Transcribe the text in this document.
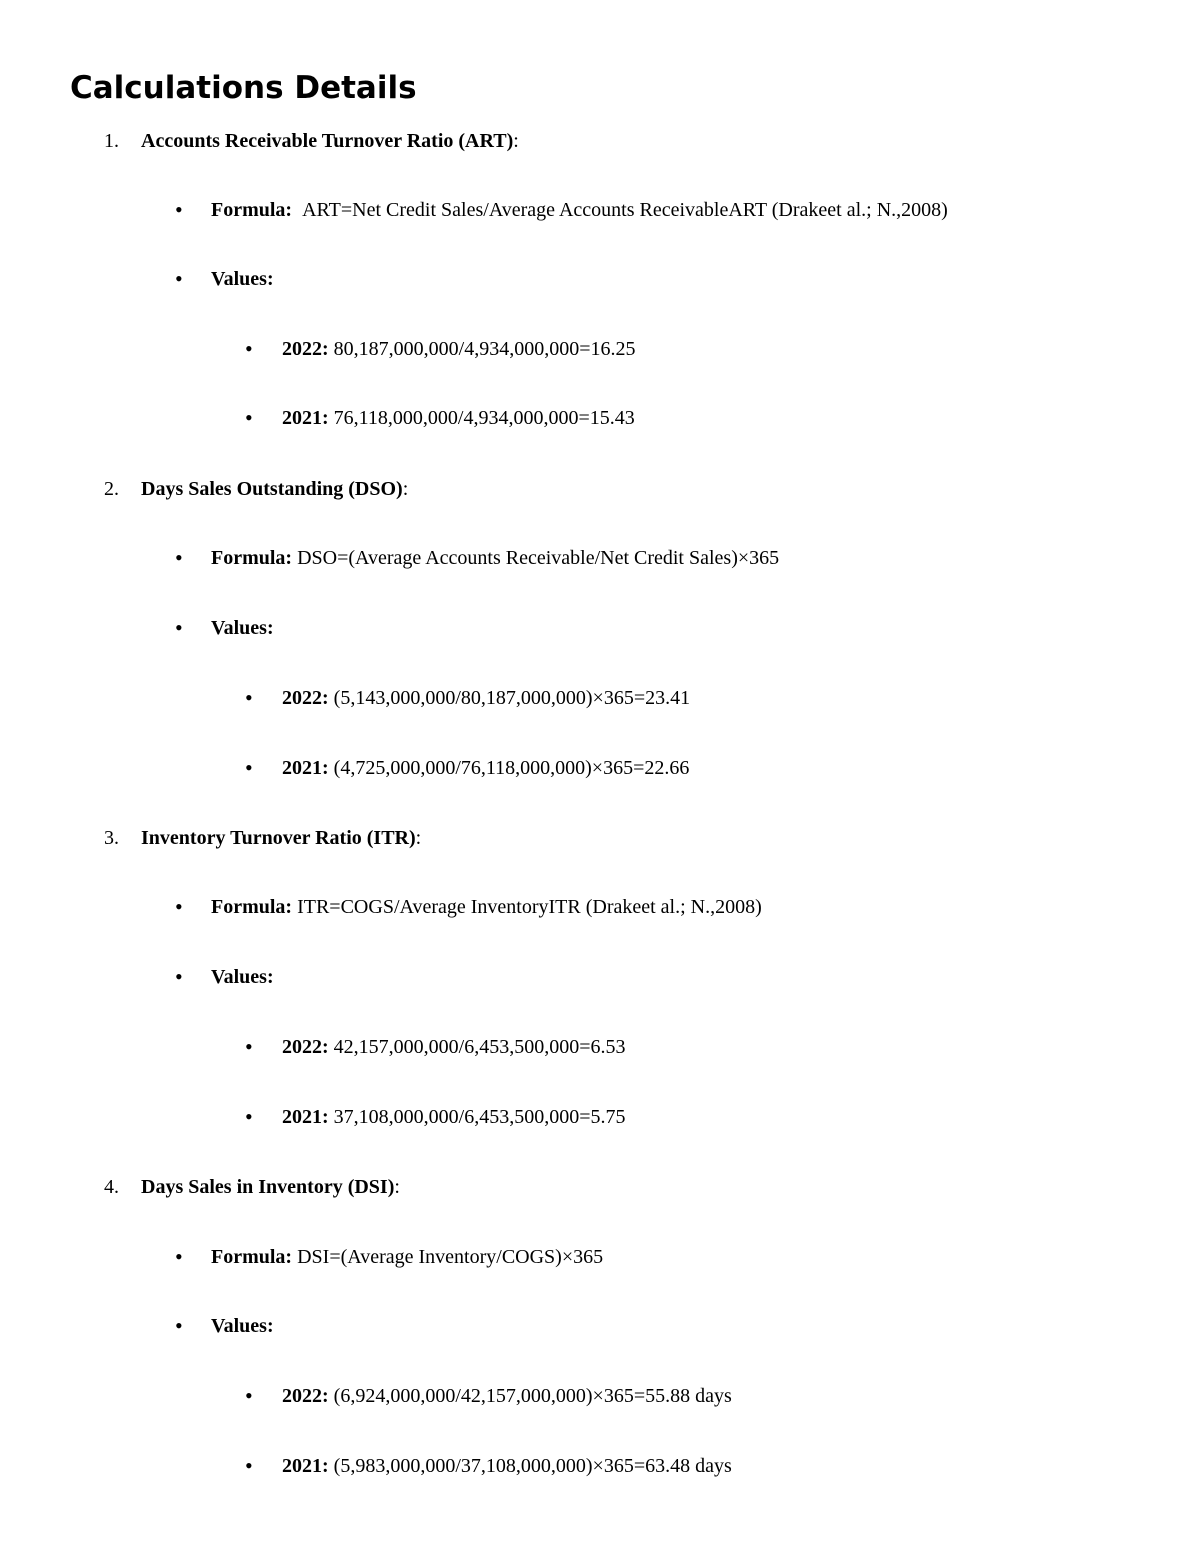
Calculations Details
1.	Accounts Receivable Turnover Ratio (ART):
• Formula: ART=Net Credit Sales/Average Accounts ReceivableART (Drakeet al.; N.,2008)
• Values:
• 2022: 80,187,000,000/4,934,000,000=16.25
• 2021: 76,118,000,000/4,934,000,000=15.43
2.	Days Sales Outstanding (DSO):
• Formula: DSO=(Average Accounts Receivable/Net Credit Sales)×365
• Values:
• 2022: (5,143,000,000/80,187,000,000)×365=23.41
• 2021: (4,725,000,000/76,118,000,000)×365=22.66
3.	Inventory Turnover Ratio (ITR):
• Formula: ITR=COGS/Average InventoryITR (Drakeet al.; N.,2008)
• Values:
• 2022: 42,157,000,000/6,453,500,000=6.53
• 2021: 37,108,000,000/6,453,500,000=5.75
4.	Days Sales in Inventory (DSI):
• Formula: DSI=(Average Inventory/COGS)×365
• Values:
• 2022: (6,924,000,000/42,157,000,000)×365=55.88 days
• 2021: (5,983,000,000/37,108,000,000)×365=63.48 days
